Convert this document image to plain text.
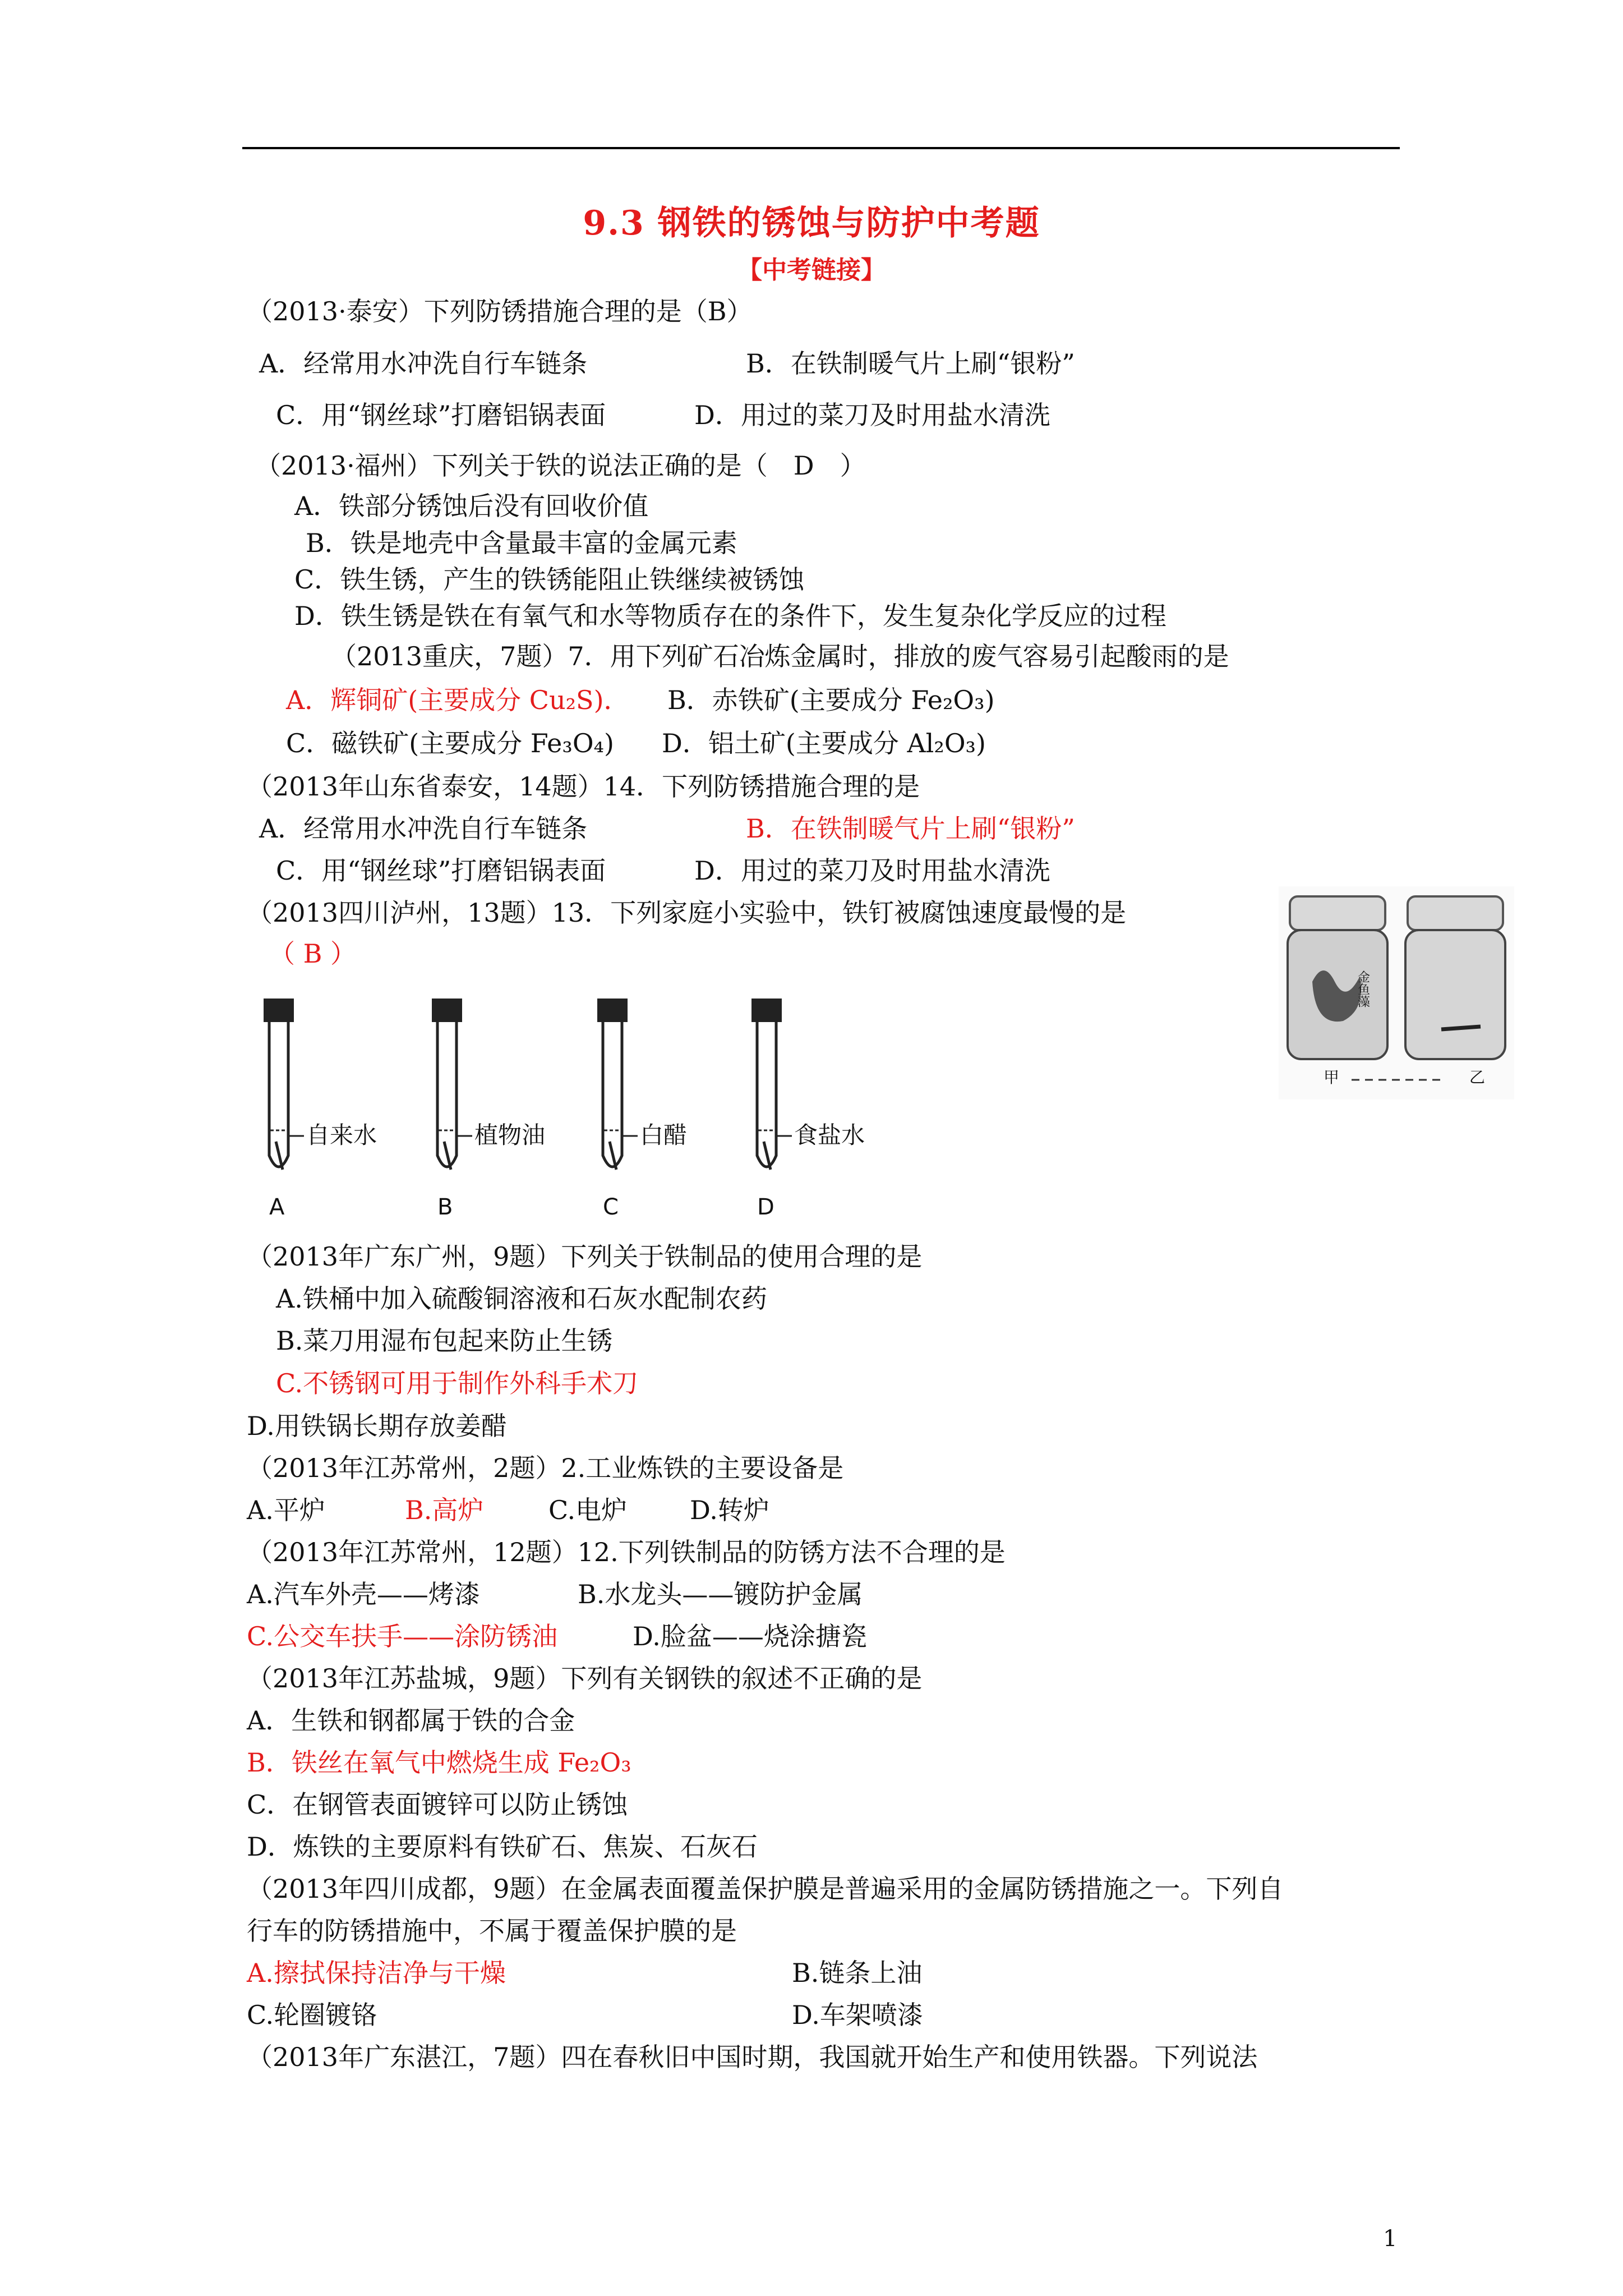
9.3 钢铁的锈蚀与防护中考题
【中考链接】
（2013·泰安）下列防锈措施合理的是（B）
A．经常用水冲洗自行车链条	B．在铁制暖气片上刷“银粉”
C．用“钢丝球”打磨铝锅表面	D．用过的菜刀及时用盐水清洗
（2013·福州）下列关于铁的说法正确的是（　D　）
A．铁部分锈蚀后没有回收价值
B．铁是地壳中含量最丰富的金属元素
C．铁生锈，产生的铁锈能阻止铁继续被锈蚀
D．铁生锈是铁在有氧气和水等物质存在的条件下，发生复杂化学反应的过程
（2013重庆，7题）7．用下列矿石冶炼金属时，排放的废气容易引起酸雨的是
A．辉铜矿(主要成分 Cu₂S)． B．赤铁矿(主要成分 Fe₂O₃)
C．磁铁矿(主要成分 Fe₃O₄) D．铝土矿(主要成分 Al₂O₃)
（2013年山东省泰安，14题）14．下列防锈措施合理的是
A．经常用水冲洗自行车链条	B．在铁制暖气片上刷“银粉”
C．用“钢丝球”打磨铝锅表面	D．用过的菜刀及时用盐水清洗
（2013四川泸州，13题）13．下列家庭小实验中，铁钉被腐蚀速度最慢的是
（ B ）
自来水
A
植物油
B
白醋
C
食盐水
D
金鱼藻
甲	乙
（2013年广东广州，9题）下列关于铁制品的使用合理的是
A.铁桶中加入硫酸铜溶液和石灰水配制农药
B.菜刀用湿布包起来防止生锈
C.不锈钢可用于制作外科手术刀
D.用铁锅长期存放姜醋
（2013年江苏常州，2题）2.工业炼铁的主要设备是
A.平炉	B.高炉	C.电炉 D.转炉
（2013年江苏常州，12题）12.下列铁制品的防锈方法不合理的是
A.汽车外壳——烤漆	B.水龙头——镀防护金属
C.公交车扶手——涂防锈油	D.脸盆——烧涂搪瓷
（2013年江苏盐城，9题）下列有关钢铁的叙述不正确的是
A．生铁和钢都属于铁的合金
B．铁丝在氧气中燃烧生成 Fe₂O₃
C．在钢管表面镀锌可以防止锈蚀
D．炼铁的主要原料有铁矿石、焦炭、石灰石
（2013年四川成都，9题）在金属表面覆盖保护膜是普遍采用的金属防锈措施之一。下列自
行车的防锈措施中，不属于覆盖保护膜的是
A.擦拭保持洁净与干燥	B.链条上油
C.轮圈镀铬	D.车架喷漆
（2013年广东湛江，7题）四在春秋旧中国时期，我国就开始生产和使用铁器。下列说法
1
